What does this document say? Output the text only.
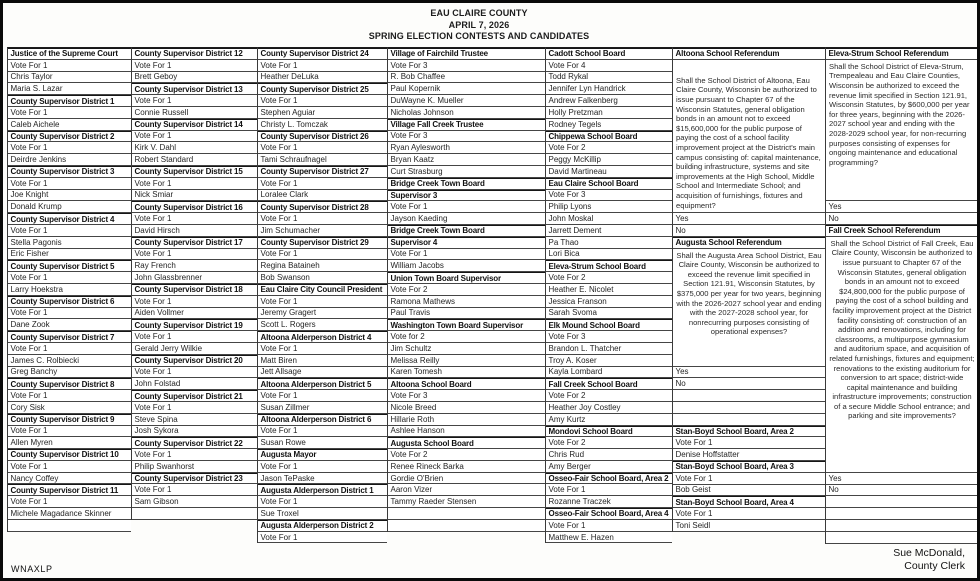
EAU CLAIRE COUNTY
APRIL 7, 2026
SPRING ELECTION CONTESTS AND CANDIDATES
Justice of the Supreme Court
Vote For 1
Chris Taylor
Maria S. Lazar
County Supervisor District 1
Vote For 1
Caleb Aichele
County Supervisor District 2
Vote For 1
Deirdre Jenkins
County Supervisor District 3
Vote For 1
Joe Knight
Donald Krump
County Supervisor District 4
Vote For 1
Stella Pagonis
Eric Fisher
County Supervisor District 5
Vote For 1
Larry Hoekstra
County Supervisor District 6
Vote For 1
Dane Zook
County Supervisor District 7
Vote For 1
James C. Rolbiecki
Greg Banchy
County Supervisor District 8
Vote For 1
Cory Sisk
County Supervisor District 9
Vote For 1
Allen Myren
County Supervisor District 10
Vote For 1
Nancy Coffey
County Supervisor District 11
Vote For 1
Michele Magadance Skinner
County Supervisor District 12
Vote For 1
Brett Geboy
County Supervisor District 13
Vote For 1
Connie Russell
County Supervisor District 14
Vote For 1
Kirk V. Dahl
Robert Standard
County Supervisor District 15
Vote For 1
Nick Smiar
County Supervisor District 16
Vote For 1
David Hirsch
County Supervisor District 17
Vote For 1
Ray French
John Glassbrenner
County Supervisor District 18
Vote For 1
Aiden Vollmer
County Supervisor District 19
Vote For 1
Gerald Jerry Wilkie
County Supervisor District 20
Vote For 1
John Folstad
County Supervisor District 21
Vote For 1
Steve Spina
Josh Sykora
County Supervisor District 22
Vote For 1
Philip Swanhorst
County Supervisor District 23
Vote For 1
Sam Gibson
County Supervisor District 24
Vote For 1
Heather DeLuka
County Supervisor District 25
Vote For 1
Stephen Aguiar
Christy L. Tomczak
County Supervisor District 26
Vote For 1
Tami Schraufnagel
County Supervisor District 27
Vote For 1
Loralee Clark
County Supervisor District 28
Vote For 1
Jim Schumacher
County Supervisor District 29
Vote For 1
Regina Bataineh
Bob Swanson
Eau Claire City Council President
Vote For 1
Jeremy Gragert
Scott L. Rogers
Altoona Alderperson District 4
Vote For 1
Matt Biren
Jett Allsage
Altoona Alderperson District 5
Vote For 1
Susan Zillmer
Altoona Alderperson District 6
Vote For 1
Susan Rowe
Augusta Mayor
Vote For 1
Jason TePaske
Augusta Alderperson District 1
Vote For 1
Sue Troxel
Augusta Alderperson District 2
Vote For 1
Village of Fairchild Trustee
Vote For 3
R. Bob Chaffee
Paul Kopernik
DuWayne K. Mueller
Nicholas Johnson
Village Fall Creek Trustee
Vote For 3
Ryan Aylesworth
Bryan Kaatz
Curt Strasburg
Bridge Creek Town Board
Supervisor 3
Vote For 1
Jayson Kaeding
Bridge Creek Town Board
Supervisor 4
Vote For 1
William Jacobs
Union Town Board Supervisor
Vote For 2
Ramona Mathews
Paul Travis
Washington Town Board Supervisor
Vote for 2
Jim Schultz
Melissa Reilly
Karen Tomesh
Altoona School Board
Vote For 3
Nicole Breed
Hillarie Roth
Ashlee Hanson
Augusta School Board
Vote For 2
Renee Rineck Barka
Gordie O'Brien
Aaron Vizer
Tammy Raeder Stensen
Cadott School Board
Vote For 4
Todd Rykal
Jennifer Lyn Handrick
Andrew Falkenberg
Holly Pretzman
Rodney Tegels
Chippewa School Board
Vote For 2
Peggy McKillip
David Martineau
Eau Claire School Board
Vote For 3
Philip Lyons
John Moskal
Jarrett Dement
Pa Thao
Lori Bica
Eleva-Strum School Board
Vote For 2
Heather E. Nicolet
Jessica Franson
Sarah Svoma
Elk Mound School Board
Vote For 3
Brandon L. Thatcher
Troy A. Koser
Kayla Lombard
Fall Creek School Board
Vote For 2
Heather Joy Costley
Amy Kurtz
Mondovi School Board
Vote For 2
Chris Rud
Amy Berger
Osseo-Fair School Board, Area 2
Vote For 1
Rozanne Traczek
Osseo-Fair School Board, Area 4
Vote For 1
Matthew E. Hazen
Altoona School Referendum
Shall the School District of Altoona, Eau Claire County, Wisconsin be authorized to issue pursuant to Chapter 67 of the Wisconsin Statutes, general obligation bonds in an amount not to exceed $15,600,000 for the public purpose of paying the cost of a school facility improvement project at the District's main campus consisting of: capital maintenance, building infrastructure, systems and site improvements at the High School, Middle School and Intermediate School; and acquisition of furnishings, fixtures and equipment?
Yes
No
Augusta School Referendum
Shall the Augusta Area School District, Eau Claire County, Wisconsin be authorized to exceed the revenue limit specified in Section 121.91, Wisconsin Statutes, by $375,000 per year for two years, beginning with the 2026-2027 school year and ending with the 2027-2028 school year, for nonrecurring purposes consisting of operational expenses?
Yes
No
Stan-Boyd School Board, Area 2
Vote For 1
Denise Hoffstatter
Stan-Boyd School Board, Area 3
Vote For 1
Bob Geist
Stan-Boyd School Board, Area 4
Vote For 1
Toni Seidl
Eleva-Strum School Referendum
Shall the School District of Eleva-Strum, Trempealeau and Eau Claire Counties, Wisconsin be authorized to exceed the revenue limit specified in Section 121.91, Wisconsin Statutes, by $600,000 per year for three years, beginning with the 2026-2027 school year and ending with the 2028-2029 school year, for non-recurring purposes consisting of expenses for ongoing maintenance and educational programming?
Yes
No
Fall Creek School Referendum
Shall the School District of Fall Creek, Eau Claire County, Wisconsin be authorized to issue pursuant to Chapter 67 of the Wisconsin Statutes, general obligation bonds in an amount not to exceed $24,800,000 for the public purpose of paying the cost of a school building and facility improvement project at the District facility consisting of: construction of an addition and renovations, including for classrooms, a multipurpose gymnasium and auditorium space, and acquisition of related furnishings, fixtures and equipment; renovations to the existing auditorium for conversion to art space; district-wide capital maintenance and building infrastructure improvements; construction of a secure Middle School entrance; and parking and site improvements?
Yes
No
Sue McDonald,
County Clerk
WNAXLP
